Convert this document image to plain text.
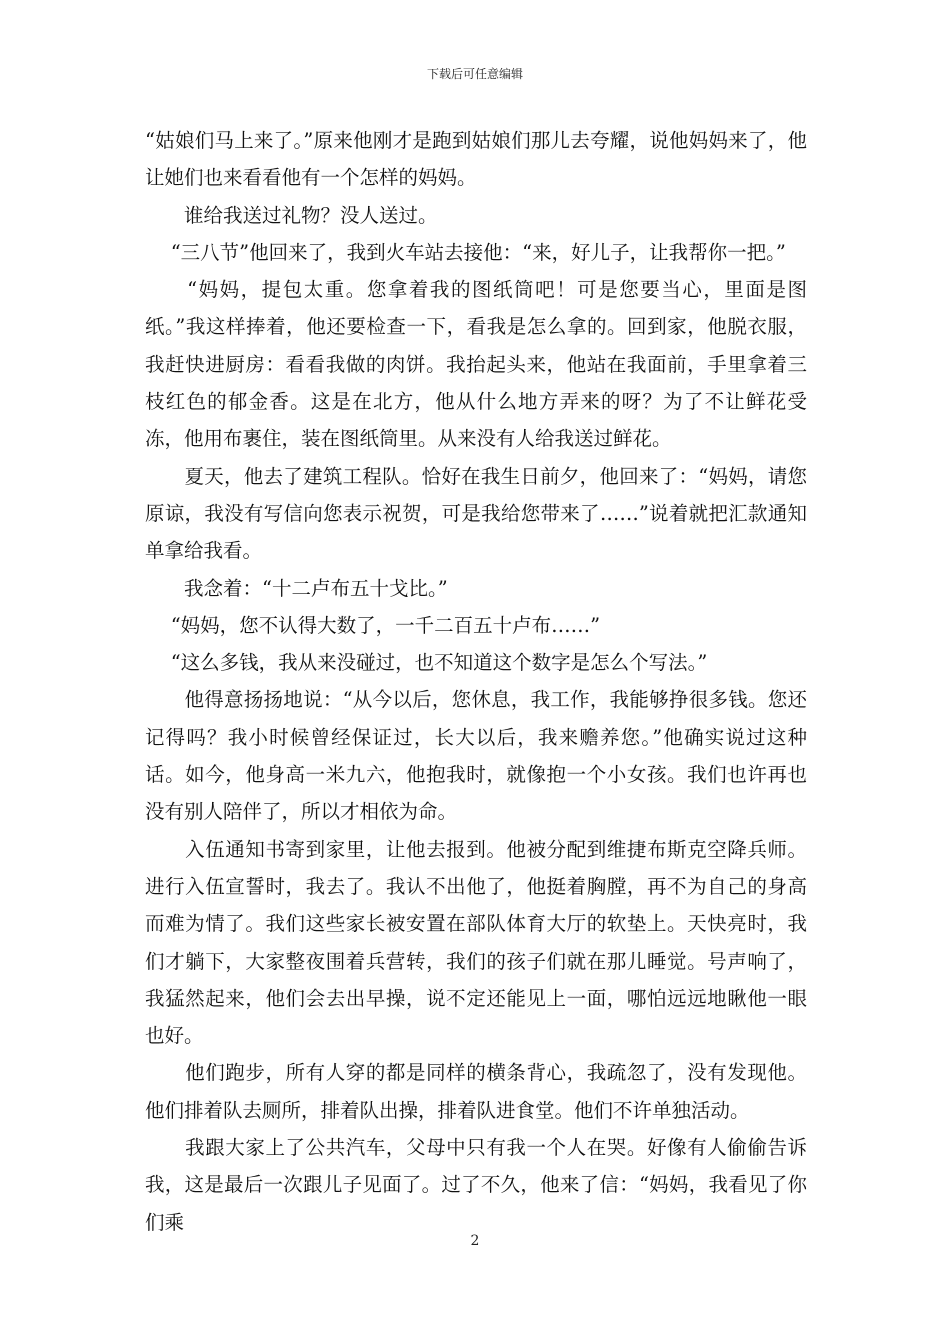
下载后可任意编辑

“姑娘们马上来了。”原来他刚才是跑到姑娘们那儿去夸耀，说他妈妈来了，他让她们也来看看他有一个怎样的妈妈。

　　谁给我送过礼物？没人送过。

　 “三八节”他回来了，我到火车站去接他：“来，好儿子，让我帮你一把。”

　　“妈妈，提包太重。您拿着我的图纸筒吧！可是您要当心，里面是图纸。”我这样捧着，他还要检查一下，看我是怎么拿的。回到家，他脱衣服，我赶快进厨房：看看我做的肉饼。我抬起头来，他站在我面前，手里拿着三枝红色的郁金香。这是在北方，他从什么地方弄来的呀？为了不让鲜花受冻，他用布裹住，装在图纸筒里。从来没有人给我送过鲜花。

　　夏天，他去了建筑工程队。恰好在我生日前夕，他回来了：“妈妈，请您原谅，我没有写信向您表示祝贺，可是我给您带来了……”说着就把汇款通知单拿给我看。

　　我念着：“十二卢布五十戈比。”

　 “妈妈，您不认得大数了，一千二百五十卢布……”

　 “这么多钱，我从来没碰过，也不知道这个数字是怎么个写法。”

　　他得意扬扬地说：“从今以后，您休息，我工作，我能够挣很多钱。您还记得吗？我小时候曾经保证过，长大以后，我来赡养您。”他确实说过这种话。如今，他身高一米九六，他抱我时，就像抱一个小女孩。我们也许再也没有别人陪伴了，所以才相依为命。

　　入伍通知书寄到家里，让他去报到。他被分配到维捷布斯克空降兵师。进行入伍宣誓时，我去了。我认不出他了，他挺着胸膛，再不为自己的身高而难为情了。我们这些家长被安置在部队体育大厅的软垫上。天快亮时，我们才躺下，大家整夜围着兵营转，我们的孩子们就在那儿睡觉。号声响了，我猛然起来，他们会去出早操，说不定还能见上一面，哪怕远远地瞅他一眼也好。

　　他们跑步，所有人穿的都是同样的横条背心，我疏忽了，没有发现他。他们排着队去厕所，排着队出操，排着队进食堂。他们不许单独活动。

　　我跟大家上了公共汽车，父母中只有我一个人在哭。好像有人偷偷告诉我，这是最后一次跟儿子见面了。过了不久，他来了信：“妈妈，我看见了你们乘

2
